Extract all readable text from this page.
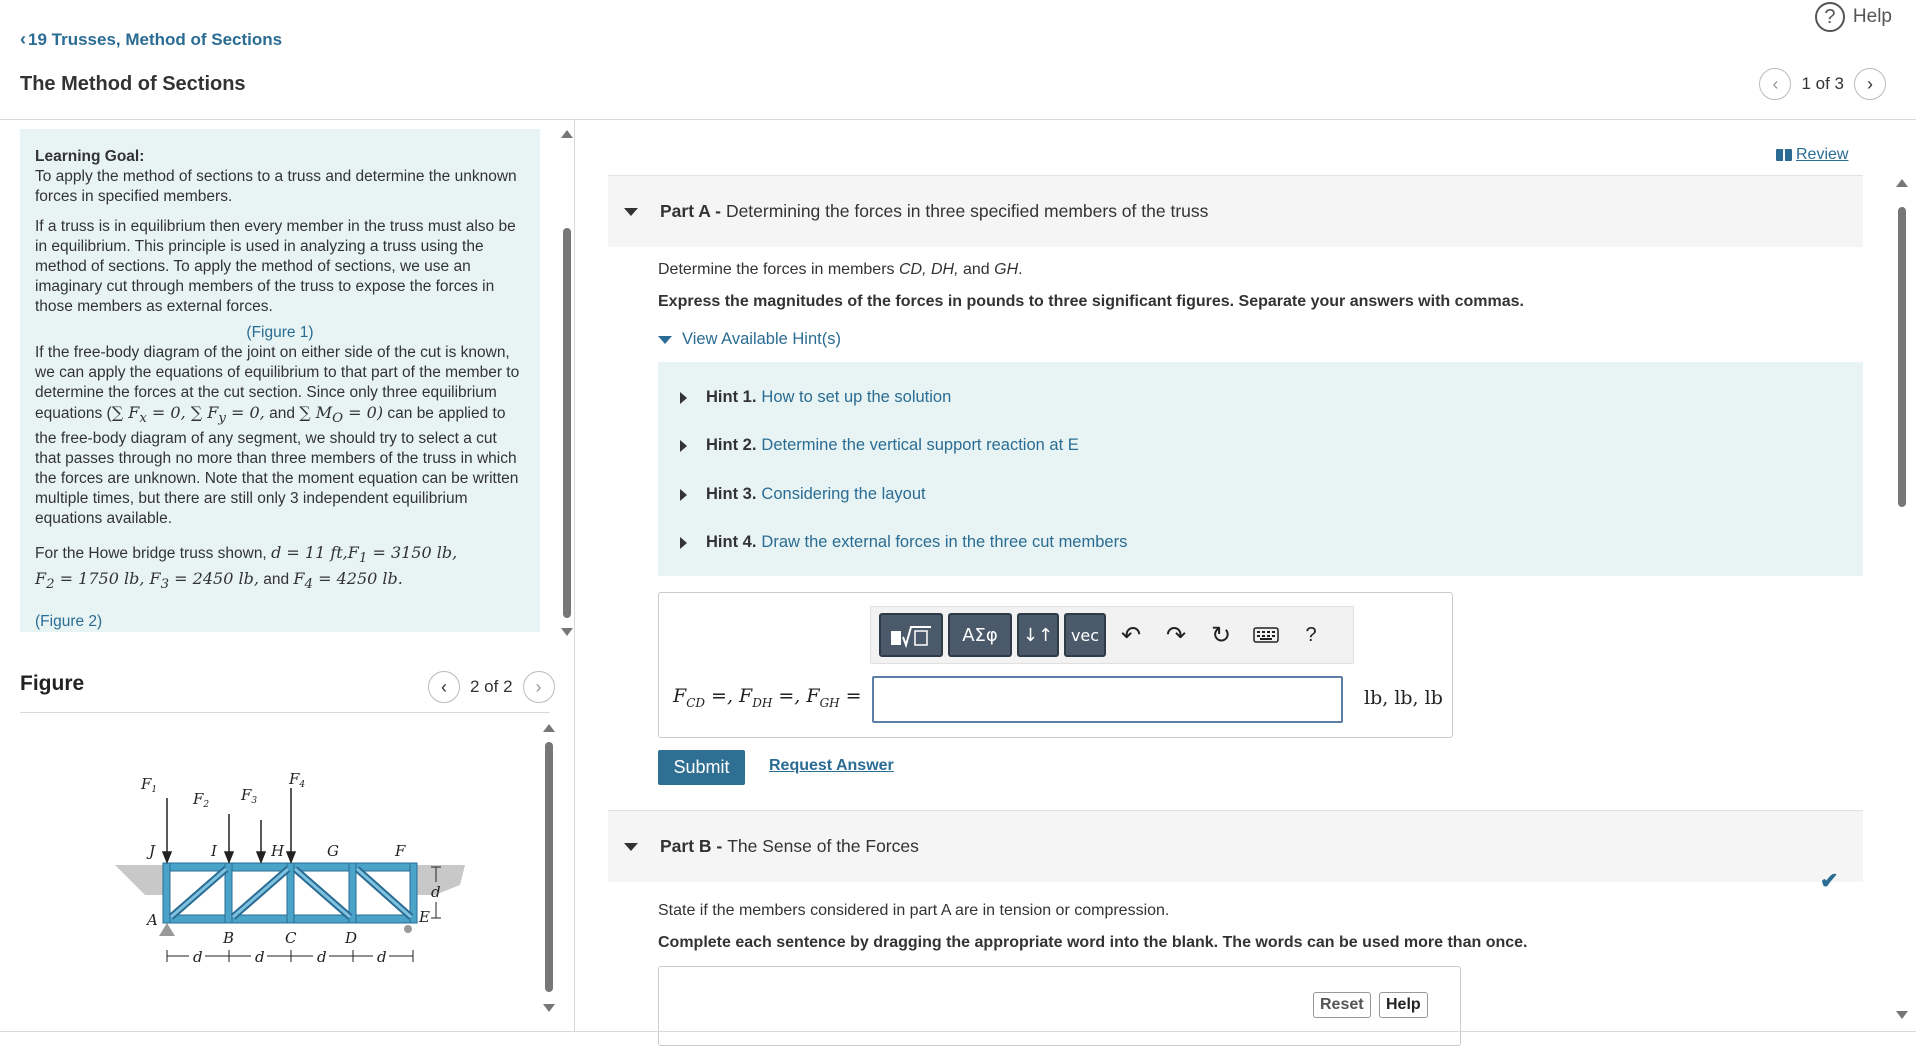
‹ 19 Trusses, Method of Sections
The Method of Sections
? Help
‹	1 of 3	›

Learning Goal:
To apply the method of sections to a truss and determine the unknown forces in specified members.

If a truss is in equilibrium then every member in the truss must also be in equilibrium. This principle is used in analyzing a truss using the method of sections. To apply the method of sections, we use an imaginary cut through members of the truss to expose the forces in those members as external forces.

(Figure 1)

If the free-body diagram of the joint on either side of the cut is known, we can apply the equations of equilibrium to that part of the member to determine the forces at the cut section. Since only three equilibrium equations (∑ $F_x = 0$, ∑ $F_y = 0$, and ∑ $M_O = 0$) can be applied to the free-body diagram of any segment, we should try to select a cut that passes through no more than three members of the truss in which the forces are unknown. Note that the moment equation can be written multiple times, but there are still only 3 independent equilibrium equations available.

For the Howe bridge truss shown, d = 11 $ft,F_1 = 3150$ lb,
$F_2 = 1750$ lb, $F_3 = 2450$ lb, and $F_4 = 4250$ lb.

(Figure 2)

Figure	‹	2 of 2	›
$F_1$ $F_2$
$F_3$
$F_4$
J	I	H	G	F
A
B	C	D
E
d
d	d	d	d
Review
Part A - Determining the forces in three specified members of the truss
Determine the forces in members CD, DH, and GH.
Express the magnitudes of the forces in pounds to three significant figures. Separate your answers with commas.
View Available Hint(s)
Hint 1. How to set up the solution
Hint 2. Determine the vertical support reaction at E
Hint 3. Considering the layout
Hint 4. Draw the external forces in the three cut members
ΑΣφ	↓↑	vec ↶	↷	↻	?
$F_{CD}$ =, $F_{DH}$ =, $F_{GH}$ =	lb, lb, lb
Submit	Request Answer
Part B - The Sense of the Forces
✔
State if the members considered in part A are in tension or compression.
Complete each sentence by dragging the appropriate word into the blank. The words can be used more than once.
Reset	Help
